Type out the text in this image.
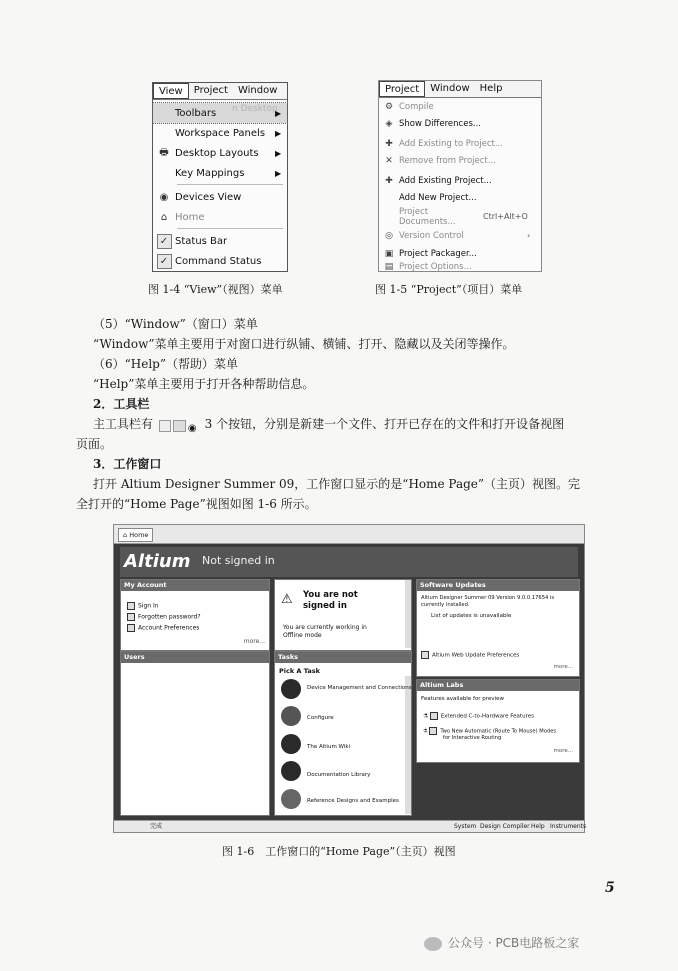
View	Project	Window
Toolbars	▶
Workspace Panels	▶
🖶 Desktop Layouts	▶
Key Mappings	▶
◉ Devices View
⌂ Home
✓ Status Bar
✓ Command Status
n Desktop
Project	Window	Help
⚙ Compile
◈ Show Differences...
✚ Add Existing to Project...
✕ Remove from Project...
✚ Add Existing Project...
Add New Project...
Project Documents...	Ctrl+Alt+O
◎ Version Control	›
▣ Project Packager...
▤ Project Options...
图 1-4 “View”（视图）菜单	图 1-5 “Project”（项目）菜单
（5）“Window”（窗口）菜单
“Window”菜单主要用于对窗口进行纵铺、横铺、打开、隐藏以及关闭等操作。
（6）“Help”（帮助）菜单
“Help”菜单主要用于打开各种帮助信息。
2．工具栏
主工具栏有	◉ 3 个按钮，分别是新建一个文件、打开已存在的文件和打开设备视图
页面。
3．工作窗口
打开 Altium Designer Summer 09，工作窗口显示的是“Home Page”（主页）视图。完
全打开的“Home Page”视图如图 1-6 所示。
⌂ Home
Altium Not signed in
My Account
Sign In
Forgotten password?
Account Preferences
more...
Users
⚠ You are not
signed in
You are currently working in
Offline mode
Tasks
Pick A Task
Device Management and Connections
Configure
The Altium Wiki
Documentation Library
Reference Designs and Examples
Software Updates
Altium Designer Summer 09 Version 9.0.0.17654 is
currently installed.
List of updates is unavailable
Altium Web Update Preferences
more...
Altium Labs
Features available for preview
⚗ Extended C-to-Hardware Features
⚗ Two New Automatic (Route To Mouse) Modes
for Interactive Routing
more...
完成	System Design Compiler Help Instruments
图 1-6　工作窗口的“Home Page”（主页）视图
5
公众号 · PCB电路板之家
